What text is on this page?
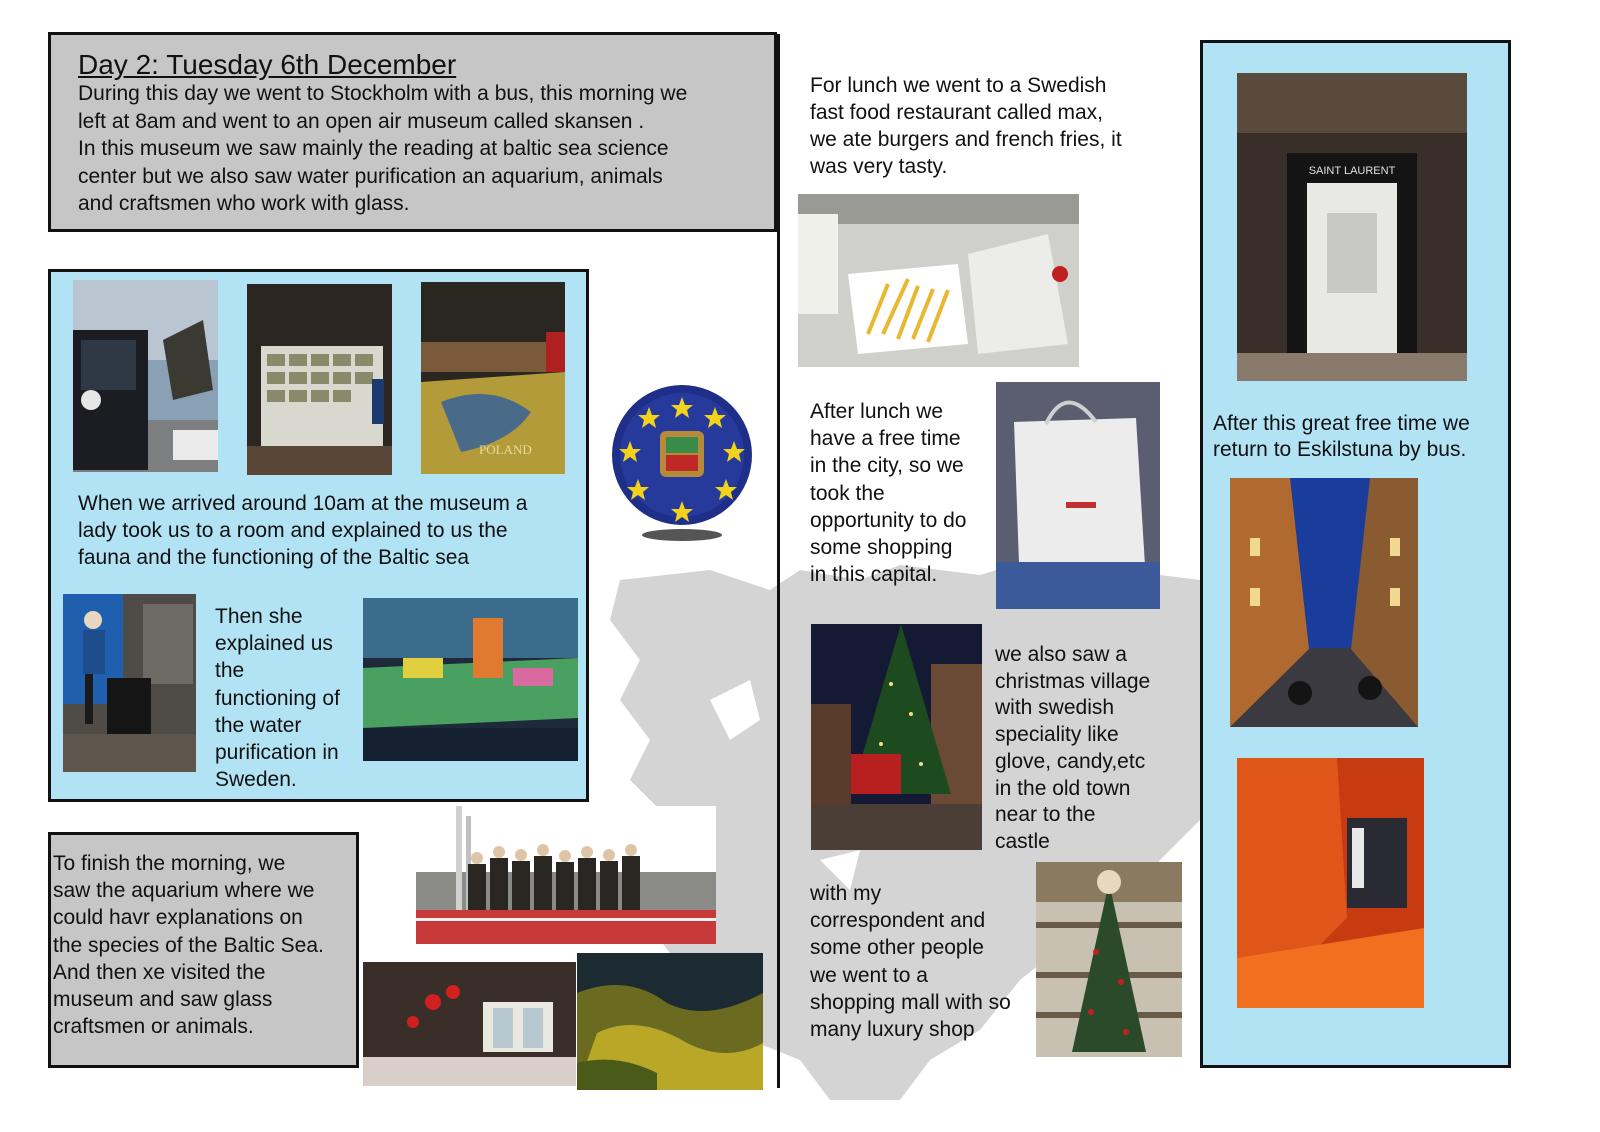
Day 2: Tuesday 6th December
During this day we went to Stockholm with a bus, this morning we
left at 8am and went to an open air museum called skansen .
In this museum we saw mainly the reading at baltic sea science
center but we also saw water purification an aquarium, animals
and craftsmen who work with glass.
POLAND
When we arrived around 10am at the museum a
lady took us to a room and explained to us the
fauna and the functioning of the Baltic sea
Then she
explained us
the
functioning of
the water
purification in
Sweden.
To finish the morning, we
saw the aquarium where we
could havr explanations on
the species of the Baltic Sea.
And then xe visited the
museum and saw glass
craftsmen or animals.
For lunch we went to a Swedish
fast food restaurant called max,
we ate burgers and french fries, it
was very tasty.
After lunch we
have a free time
in the city, so we
took the
opportunity to do
some shopping
in this capital.
we also saw a
christmas village
with swedish
speciality like
glove, candy,etc
in the old town
near to the
castle
with my
correspondent and
some other people
we went to a
shopping mall with so
many luxury shop
SAINT LAURENT
After this great free time we
return to Eskilstuna by bus.
